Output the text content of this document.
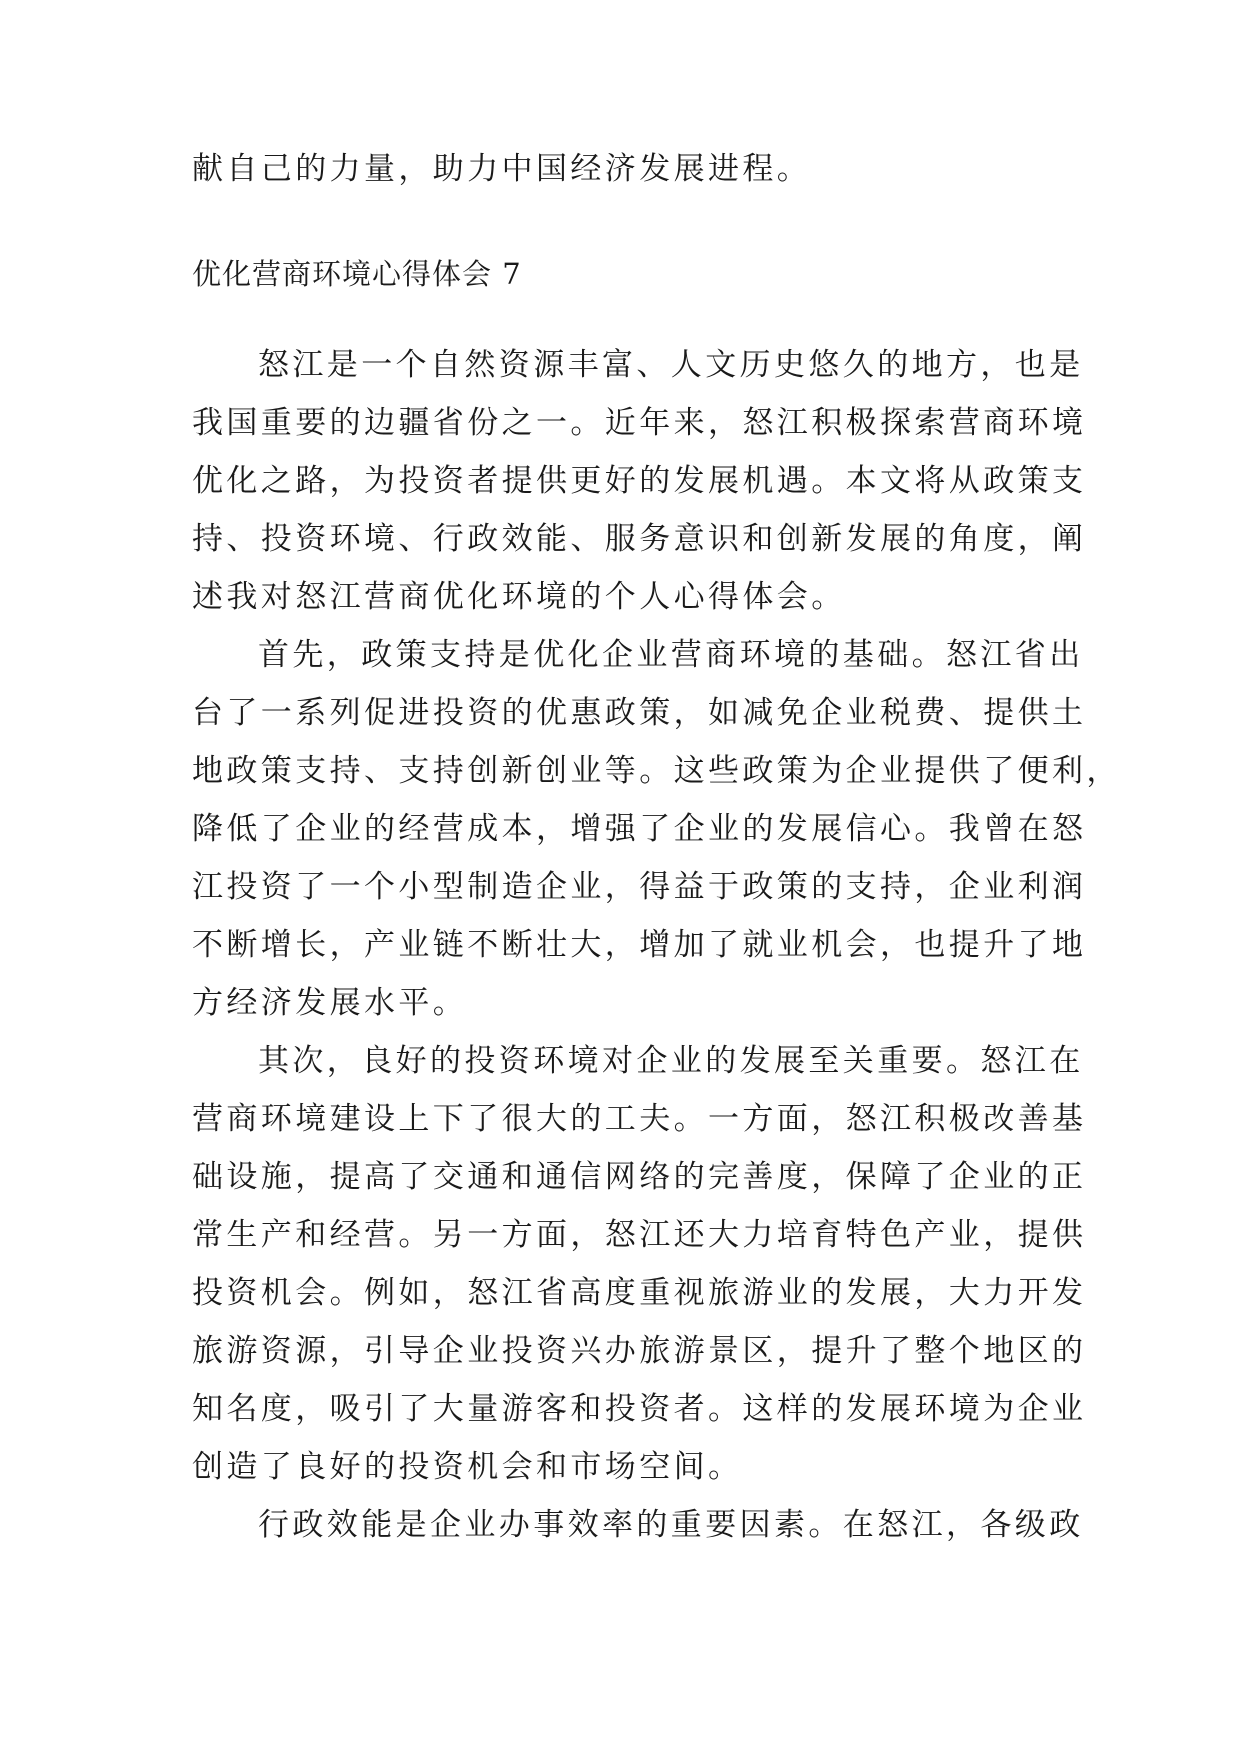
献自己的力量，助力中国经济发展进程。
优化营商环境心得体会 7
怒江是一个自然资源丰富、人文历史悠久的地方，也是
我国重要的边疆省份之一。近年来，怒江积极探索营商环境
优化之路，为投资者提供更好的发展机遇。本文将从政策支
持、投资环境、行政效能、服务意识和创新发展的角度，阐
述我对怒江营商优化环境的个人心得体会。
首先，政策支持是优化企业营商环境的基础。怒江省出
台了一系列促进投资的优惠政策，如减免企业税费、提供土
地政策支持、支持创新创业等。这些政策为企业提供了便利，
降低了企业的经营成本，增强了企业的发展信心。我曾在怒
江投资了一个小型制造企业，得益于政策的支持，企业利润
不断增长，产业链不断壮大，增加了就业机会，也提升了地
方经济发展水平。
其次，良好的投资环境对企业的发展至关重要。怒江在
营商环境建设上下了很大的工夫。一方面，怒江积极改善基
础设施，提高了交通和通信网络的完善度，保障了企业的正
常生产和经营。另一方面，怒江还大力培育特色产业，提供
投资机会。例如，怒江省高度重视旅游业的发展，大力开发
旅游资源，引导企业投资兴办旅游景区，提升了整个地区的
知名度，吸引了大量游客和投资者。这样的发展环境为企业
创造了良好的投资机会和市场空间。
行政效能是企业办事效率的重要因素。在怒江，各级政
